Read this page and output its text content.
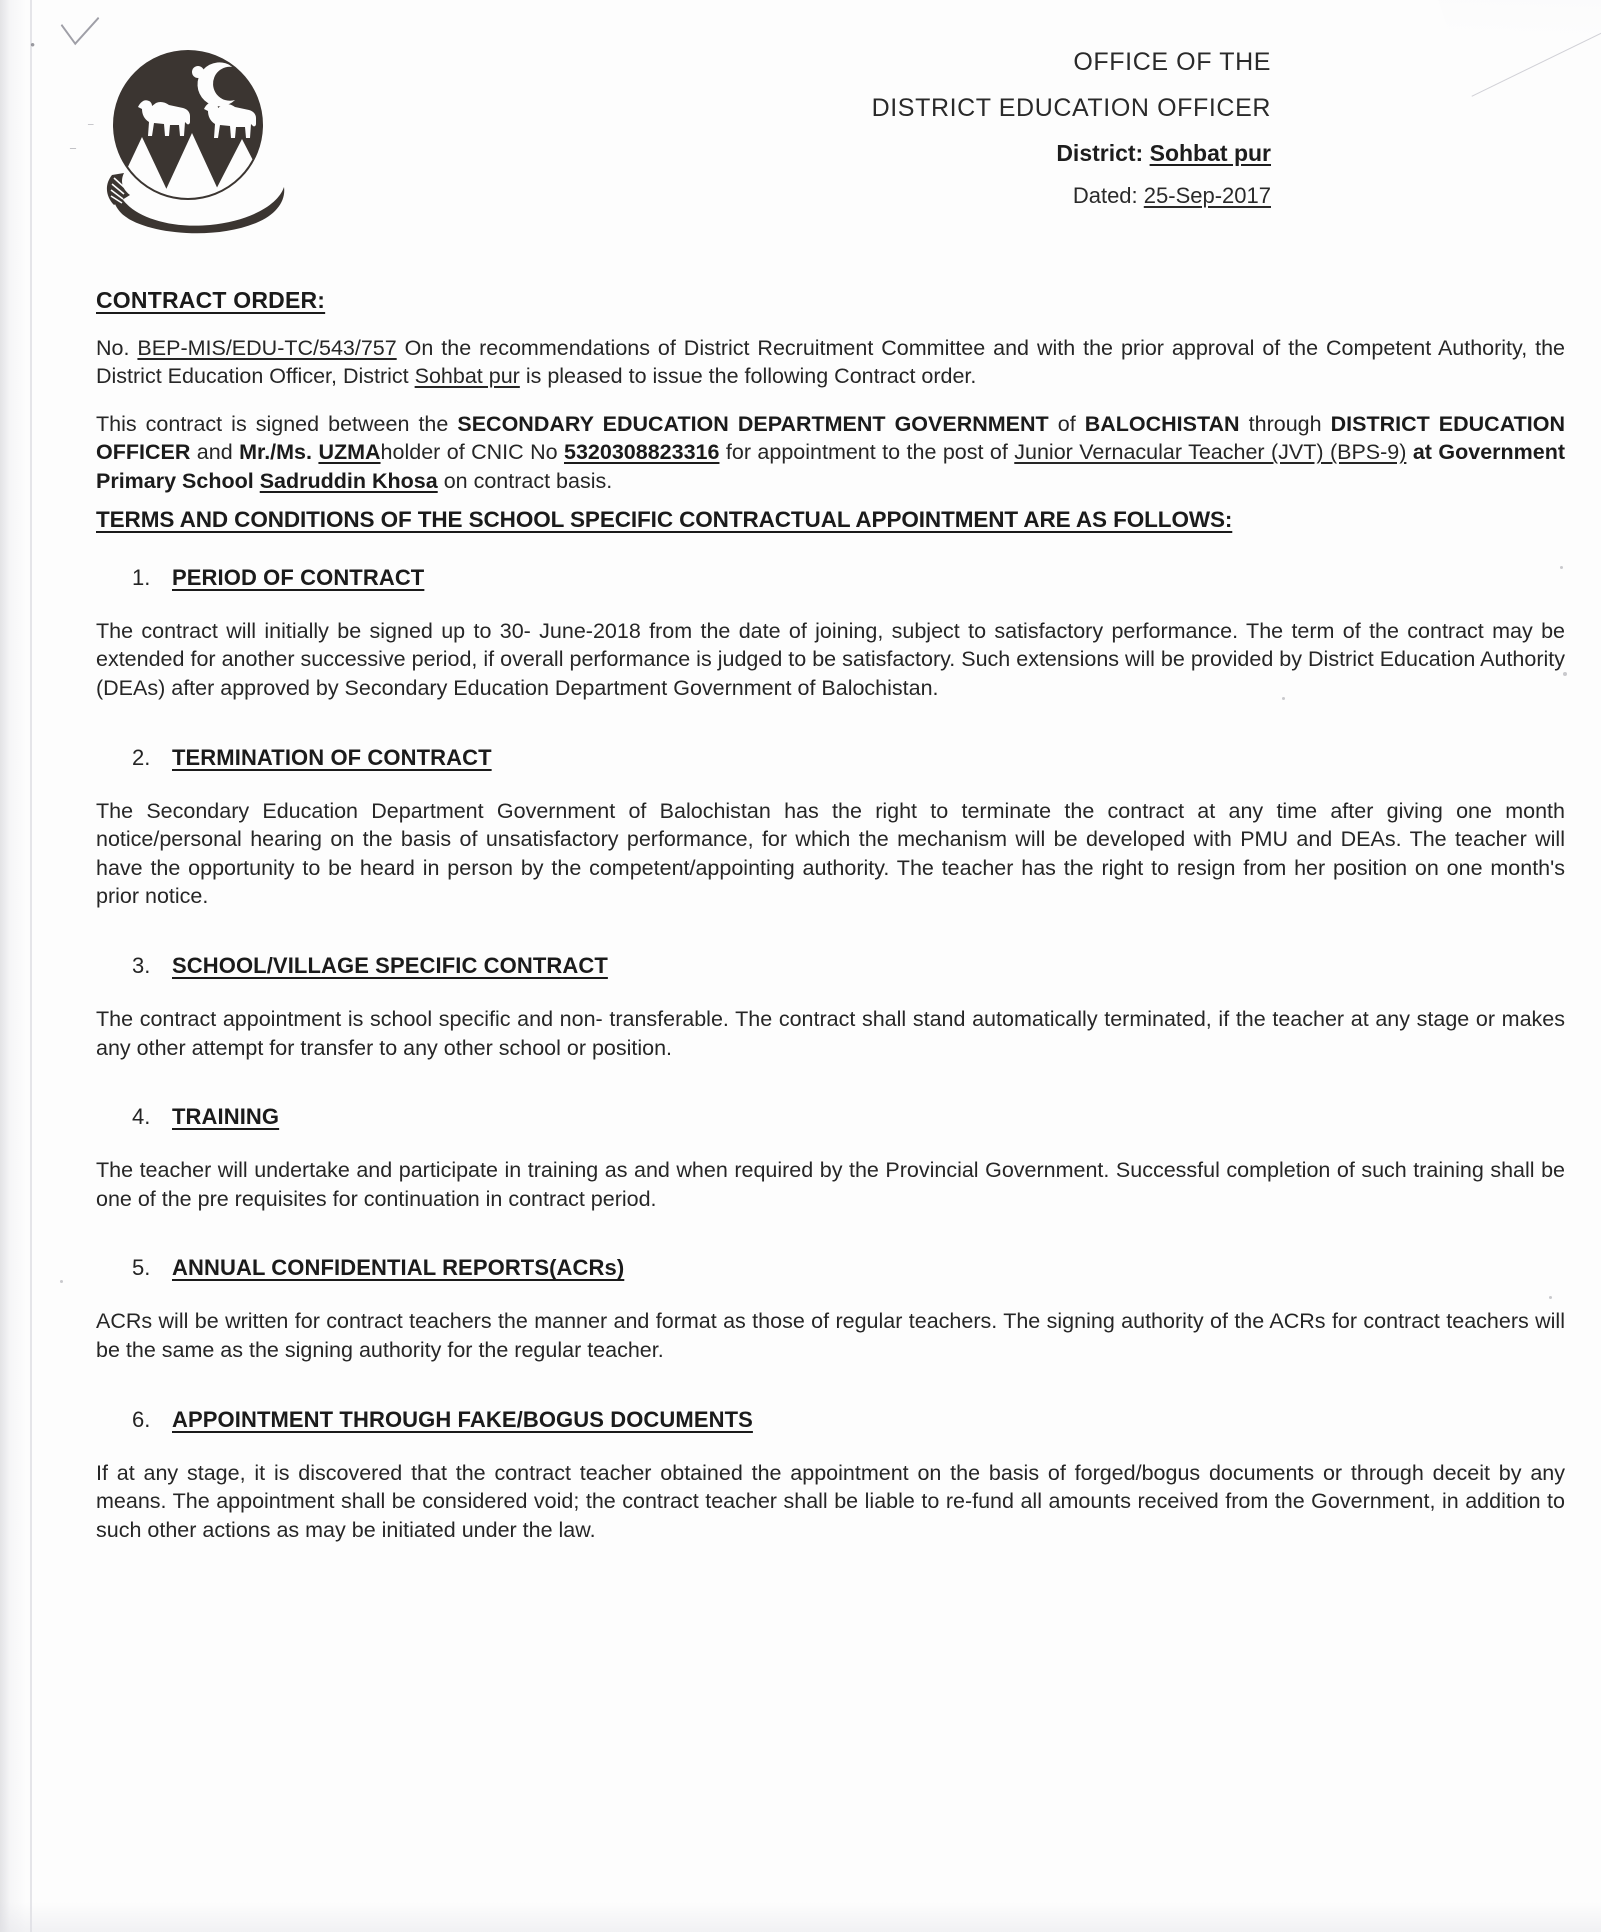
•
–
–
OFFICE OF THE
DISTRICT EDUCATION OFFICER
District: Sohbat pur
Dated: 25-Sep-2017
CONTRACT ORDER:

No. BEP-MIS/EDU-TC/543/757 On the recommendations of District Recruitment Committee and with the prior approval of the Competent Authority, the District Education Officer, District Sohbat pur is pleased to issue the following Contract order.

This contract is signed between the SECONDARY EDUCATION DEPARTMENT GOVERNMENT of BALOCHISTAN through DISTRICT EDUCATION OFFICER and Mr./Ms. UZMAholder of CNIC No 5320308823316 for appointment to the post of Junior Vernacular Teacher (JVT) (BPS-9) at Government Primary School Sadruddin Khosa on contract basis.

TERMS AND CONDITIONS OF THE SCHOOL SPECIFIC CONTRACTUAL APPOINTMENT ARE AS FOLLOWS:
1. PERIOD OF CONTRACT
The contract will initially be signed up to 30- June-2018 from the date of joining, subject to satisfactory performance. The term of the contract may be extended for another successive period, if overall performance is judged to be satisfactory. Such extensions will be provided by District Education Authority (DEAs) after approved by Secondary Education Department Government of Balochistan.
2. TERMINATION OF CONTRACT
The Secondary Education Department Government of Balochistan has the right to terminate the contract at any time after giving one month notice/personal hearing on the basis of unsatisfactory performance, for which the mechanism will be developed with PMU and DEAs. The teacher will have the opportunity to be heard in person by the competent/appointing authority. The teacher has the right to resign from her position on one month's prior notice.
3. SCHOOL/VILLAGE SPECIFIC CONTRACT
The contract appointment is school specific and non- transferable. The contract shall stand automatically terminated, if the teacher at any stage or makes any other attempt for transfer to any other school or position.
4. TRAINING
The teacher will undertake and participate in training as and when required by the Provincial Government. Successful completion of such training shall be one of the pre requisites for continuation in contract period.
5. ANNUAL CONFIDENTIAL REPORTS(ACRs)
ACRs will be written for contract teachers the manner and format as those of regular teachers. The signing authority of the ACRs for contract teachers will be the same as the signing authority for the regular teacher.
6. APPOINTMENT THROUGH FAKE/BOGUS DOCUMENTS
If at any stage, it is discovered that the contract teacher obtained the appointment on the basis of forged/bogus documents or through deceit by any means. The appointment shall be considered void; the contract teacher shall be liable to re-fund all amounts received from the Government, in addition to such other actions as may be initiated under the law.
